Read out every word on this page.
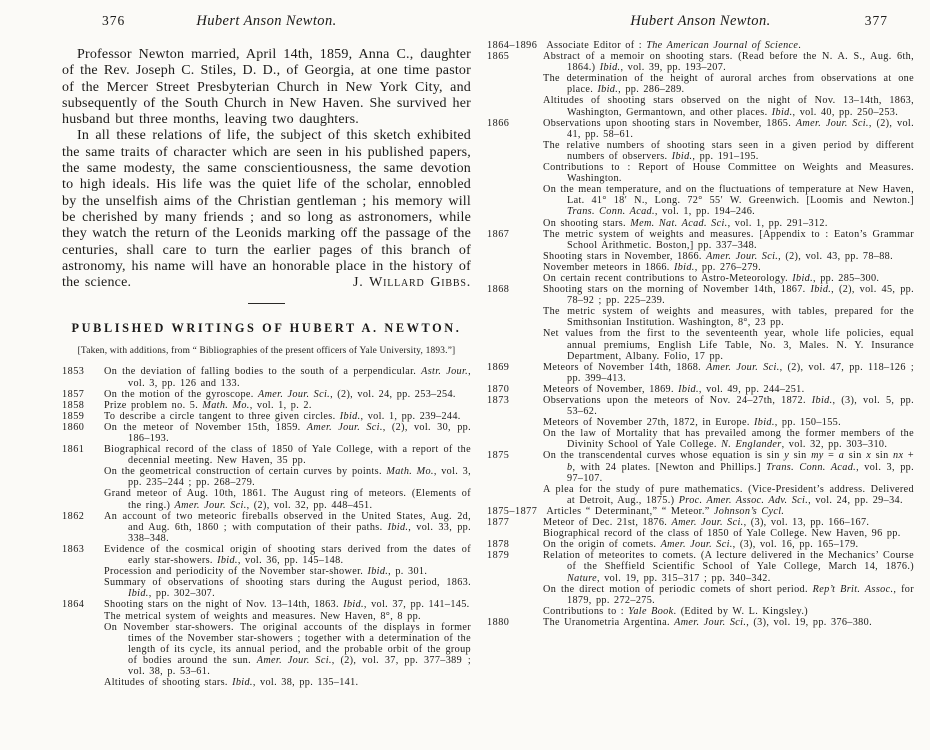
376	Hubert Anson Newton.

Professor Newton married, April 14th, 1859, Anna C., daughter of the Rev. Joseph C. Stiles, D. D., of Georgia, at one time pastor of the Mercer Street Presbyterian Church in New York City, and subsequently of the South Church in New Haven. She survived her husband but three months, leaving two daughters.

In all these relations of life, the subject of this sketch exhibited the same traits of character which are seen in his published papers, the same modesty, the same conscientiousness, the same devotion to high ideals. His life was the quiet life of the scholar, ennobled by the unselfish aims of the Christian gentleman ; his memory will be cherished by many friends ; and so long as astronomers, while they watch the return of the Leonids marking off the passage of the centuries, shall care to turn the earlier pages of this branch of astronomy, his name will have an honorable place in the history of the science.	J. Willard Gibbs.

PUBLISHED WRITINGS OF HUBERT A. NEWTON.
[Taken, with additions, from “ Bibliographies of the present officers of Yale University, 1893.”]
1853	On the deviation of falling bodies to the south of a perpendicular. Astr. Jour., vol. 3, pp. 126 and 133.
1857	On the motion of the gyroscope. Amer. Jour. Sci., (2), vol. 24, pp. 253–254.
1858	Prize problem no. 5. Math. Mo., vol. 1, p. 2.
1859	To describe a circle tangent to three given circles. Ibid., vol. 1, pp. 239–244.
1860	On the meteor of November 15th, 1859. Amer. Jour. Sci., (2), vol. 30, pp. 186–193.
1861	Biographical record of the class of 1850 of Yale College, with a report of the decennial meeting. New Haven, 35 pp.
On the geometrical construction of certain curves by points. Math. Mo., vol. 3, pp. 235–244 ; pp. 268–279.
Grand meteor of Aug. 10th, 1861. The August ring of meteors. (Elements of the ring.) Amer. Jour. Sci., (2), vol. 32, pp. 448–451.
1862	An account of two meteoric fireballs observed in the United States, Aug. 2d, and Aug. 6th, 1860 ; with computation of their paths. Ibid., vol. 33, pp. 338–348.
1863	Evidence of the cosmical origin of shooting stars derived from the dates of early star-showers. Ibid., vol. 36, pp. 145–148.
Procession and periodicity of the November star-shower. Ibid., p. 301.
Summary of observations of shooting stars during the August period, 1863. Ibid., pp. 302–307.
1864	Shooting stars on the night of Nov. 13–14th, 1863. Ibid., vol. 37, pp. 141–145.
The metrical system of weights and measures. New Haven, 8°, 8 pp.
On November star-showers. The original accounts of the displays in former times of the November star-showers ; together with a determination of the length of its cycle, its annual period, and the probable orbit of the group of bodies around the sun. Amer. Jour. Sci., (2), vol. 37, pp. 377–389 ; vol. 38, p. 53–61.
Altitudes of shooting stars. Ibid., vol. 38, pp. 135–141.
Hubert Anson Newton.	377
1864–1896 Associate Editor of : The American Journal of Science.
1865	Abstract of a memoir on shooting stars. (Read before the N. A. S., Aug. 6th, 1864.) Ibid., vol. 39, pp. 193–207.
The determination of the height of auroral arches from observations at one place. Ibid., pp. 286–289.
Altitudes of shooting stars observed on the night of Nov. 13–14th, 1863, Washington, Germantown, and other places. Ibid., vol. 40, pp. 250–253.
1866	Observations upon shooting stars in November, 1865. Amer. Jour. Sci., (2), vol. 41, pp. 58–61.
The relative numbers of shooting stars seen in a given period by different numbers of observers. Ibid., pp. 191–195.
Contributions to : Report of House Committee on Weights and Measures. Washington.
On the mean temperature, and on the fluctuations of temperature at New Haven, Lat. 41° 18′ N., Long. 72° 55′ W. Greenwich. [Loomis and Newton.] Trans. Conn. Acad., vol. 1, pp. 194–246.
On shooting stars. Mem. Nat. Acad. Sci., vol. 1, pp. 291–312.
1867	The metric system of weights and measures. [Appendix to : Eaton’s Grammar School Arithmetic. Boston,] pp. 337–348.
Shooting stars in November, 1866. Amer. Jour. Sci., (2), vol. 43, pp. 78–88.
November meteors in 1866. Ibid., pp. 276–279.
On certain recent contributions to Astro-Meteorology. Ibid., pp. 285–300.
1868	Shooting stars on the morning of November 14th, 1867. Ibid., (2), vol. 45, pp. 78–92 ; pp. 225–239.
The metric system of weights and measures, with tables, prepared for the Smithsonian Institution. Washington, 8°, 23 pp.
Net values from the first to the seventeenth year, whole life policies, equal annual premiums, English Life Table, No. 3, Males. N. Y. Insurance Department, Albany. Folio, 17 pp.
1869	Meteors of November 14th, 1868. Amer. Jour. Sci., (2), vol. 47, pp. 118–126 ; pp. 399–413.
1870	Meteors of November, 1869. Ibid., vol. 49, pp. 244–251.
1873	Observations upon the meteors of Nov. 24–27th, 1872. Ibid., (3), vol. 5, pp. 53–62.
Meteors of November 27th, 1872, in Europe. Ibid., pp. 150–155.
On the law of Mortality that has prevailed among the former members of the Divinity School of Yale College. N. Englander, vol. 32, pp. 303–310.
1875	On the transcendental curves whose equation is sin y sin my = a sin x sin nx + b, with 24 plates. [Newton and Phillips.] Trans. Conn. Acad., vol. 3, pp. 97–107.
A plea for the study of pure mathematics. (Vice-President’s address. Delivered at Detroit, Aug., 1875.) Proc. Amer. Assoc. Adv. Sci., vol. 24, pp. 29–34.
1875–1877 Articles “ Determinant,” “ Meteor.” Johnson’s Cycl.
1877	Meteor of Dec. 21st, 1876. Amer. Jour. Sci., (3), vol. 13, pp. 166–167.
Biographical record of the class of 1850 of Yale College. New Haven, 96 pp.
1878	On the origin of comets. Amer. Jour. Sci., (3), vol. 16, pp. 165–179.
1879	Relation of meteorites to comets. (A lecture delivered in the Mechanics’ Course of the Sheffield Scientific School of Yale College, March 14, 1876.) Nature, vol. 19, pp. 315–317 ; pp. 340–342.
On the direct motion of periodic comets of short period. Rep’t Brit. Assoc., for 1879, pp. 272–275.
Contributions to : Yale Book. (Edited by W. L. Kingsley.)
1880	The Uranometria Argentina. Amer. Jour. Sci., (3), vol. 19, pp. 376–380.
